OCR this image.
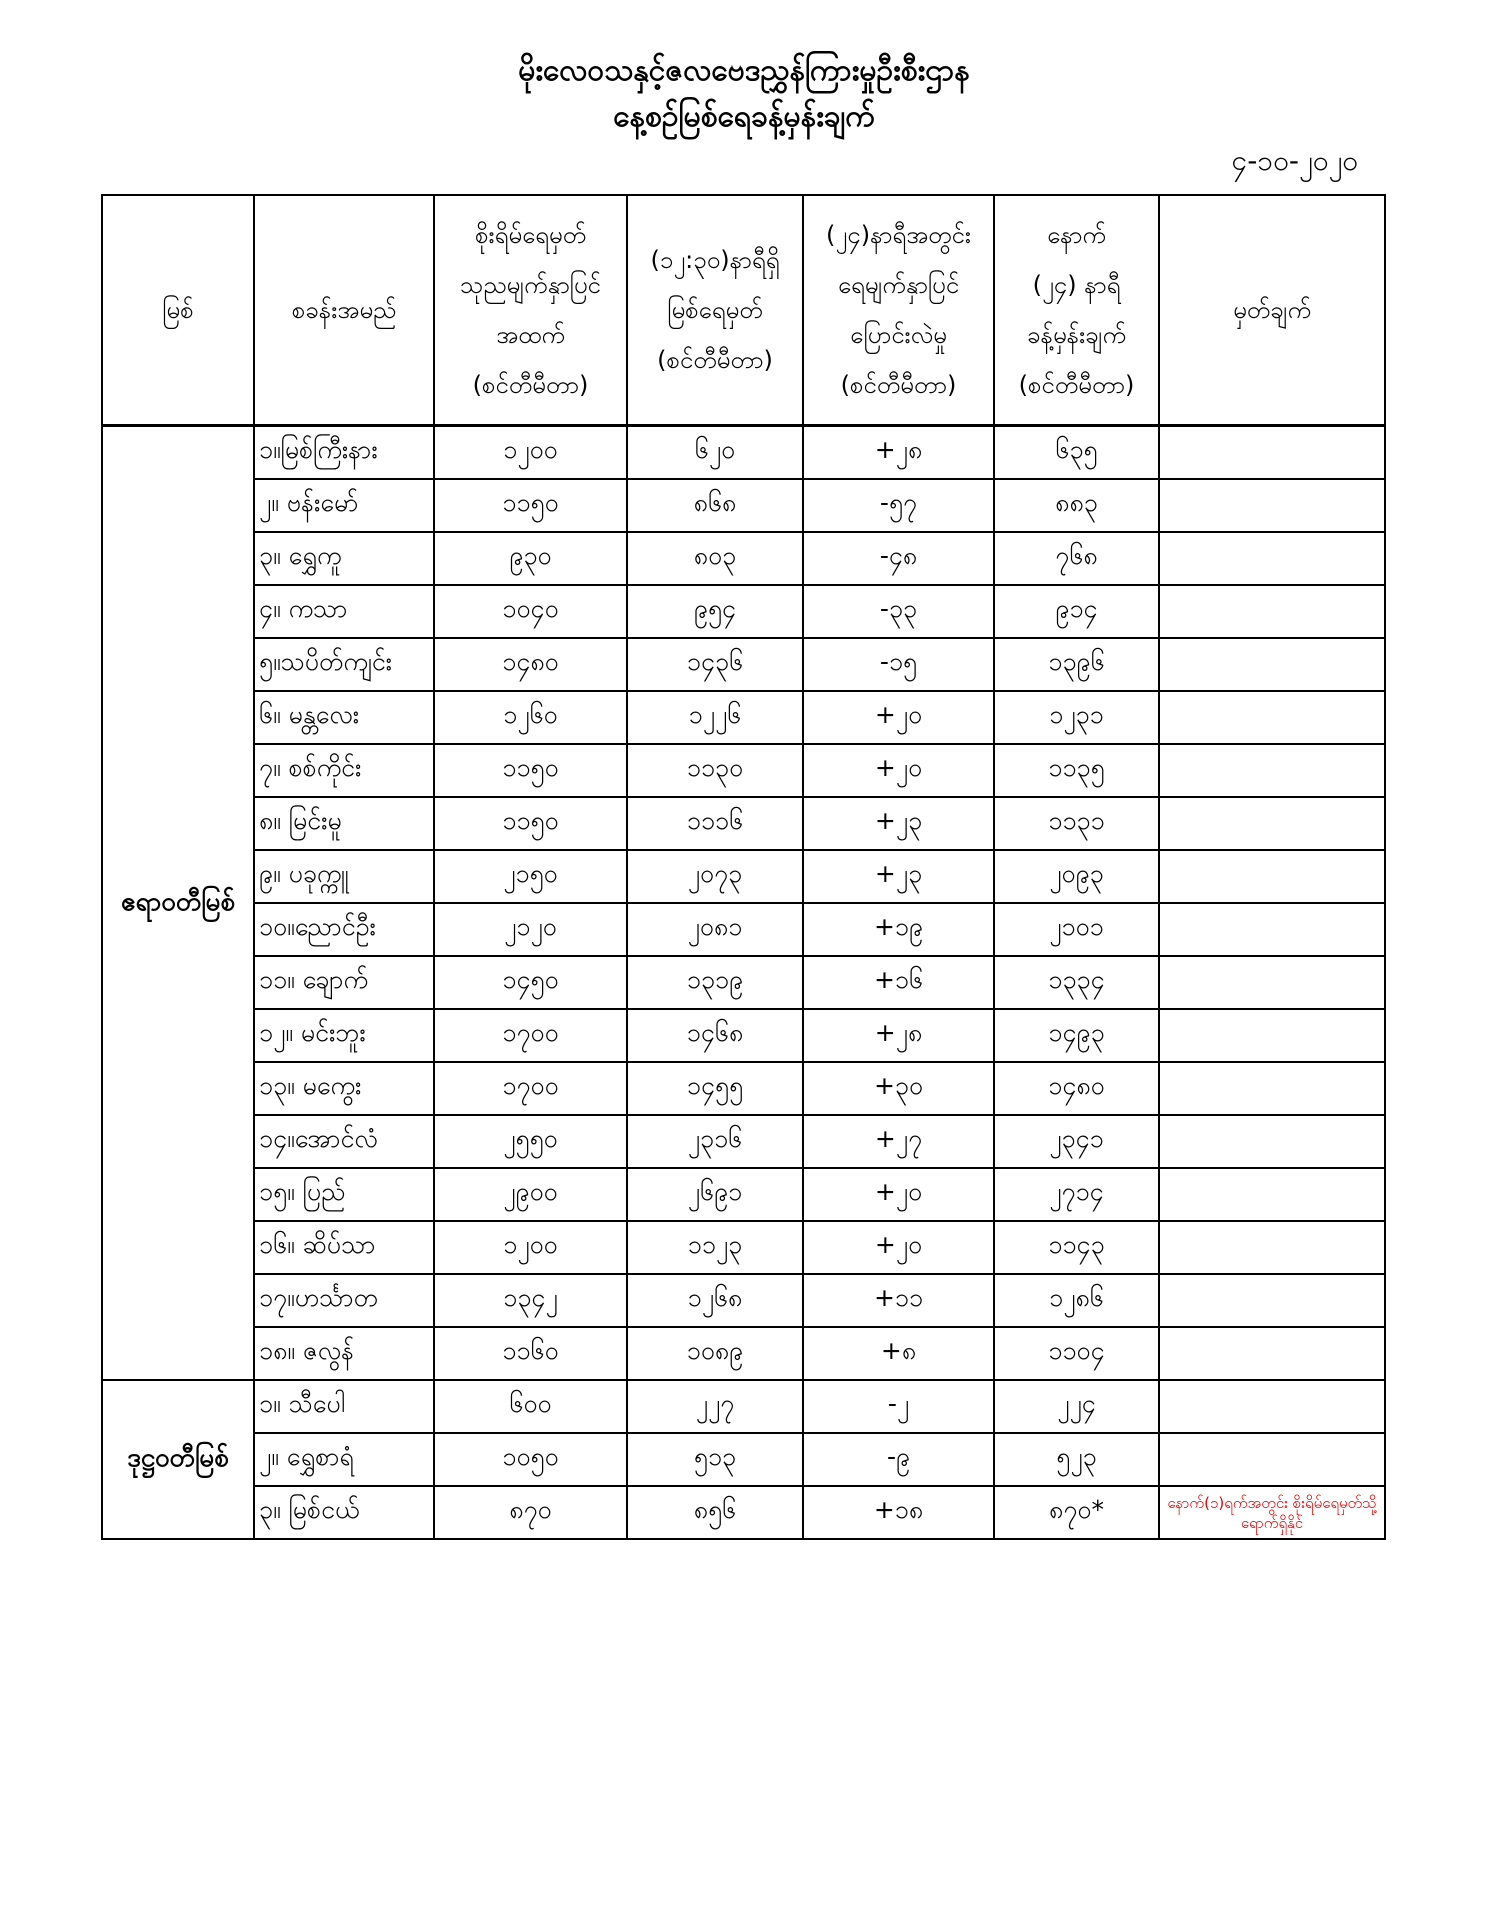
မိုးလေဝသနှင့်ဇလဗေဒညွှန်ကြားမှုဦးစီးဌာန
နေ့စဉ်မြစ်ရေခန့်မှန်းချက်
၄-၁၀-၂၀၂၀
မြစ်	စခန်းအမည်	စိုးရိမ်ရေမှတ်
သုညမျက်နှာပြင်
အထက်
(စင်တီမီတာ)	(၁၂:၃၀)နာရီရှိ
မြစ်ရေမှတ်
(စင်တီမီတာ)	(၂၄)နာရီအတွင်း
ရေမျက်နှာပြင်
ပြောင်းလဲမှု
(စင်တီမီတာ)	နောက်
(၂၄) နာရီ
ခန့်မှန်းချက်
(စင်တီမီတာ)	မှတ်ချက်
ဧရာဝတီမြစ်	၁။မြစ်ကြီးနား	၁၂၀၀	၆၂၀	+၂၈	၆၃၅	
	၂။ ဗန်းမော်	၁၁၅၀	၈၆၈	-၅၇	၈၈၃	
	၃။ ရွှေကူ	၉၃၀	၈၀၃	-၄၈	၇၆၈	
	၄။ ကသာ	၁၀၄၀	၉၅၄	-၃၃	၉၁၄	
	၅။သပိတ်ကျင်း	၁၄၈၀	၁၄၃၆	-၁၅	၁၃၉၆	
	၆။ မန္တလေး	၁၂၆၀	၁၂၂၆	+၂၀	၁၂၃၁	
	၇။ စစ်ကိုင်း	၁၁၅၀	၁၁၃၀	+၂၀	၁၁၃၅	
	၈။ မြင်းမူ	၁၁၅၀	၁၁၁၆	+၂၃	၁၁၃၁	
	၉။ ပခုက္ကူ	၂၁၅၀	၂၀၇၃	+၂၃	၂၀၉၃	
	၁၀။ညောင်ဦး	၂၁၂၀	၂၀၈၁	+၁၉	၂၁၀၁	
	၁၁။ ချောက်	၁၄၅၀	၁၃၁၉	+၁၆	၁၃၃၄	
	၁၂။ မင်းဘူး	၁၇၀၀	၁၄၆၈	+၂၈	၁၄၉၃	
	၁၃။ မကွေး	၁၇၀၀	၁၄၅၅	+၃၀	၁၄၈၀	
	၁၄။အောင်လံ	၂၅၅၀	၂၃၁၆	+၂၇	၂၃၄၁	
	၁၅။ ပြည်	၂၉၀၀	၂၆၉၁	+၂၀	၂၇၁၄	
	၁၆။ ဆိပ်သာ	၁၂၀၀	၁၁၂၃	+၂၀	၁၁၄၃	
	၁၇။ဟင်္သာတ	၁၃၄၂	၁၂၆၈	+၁၁	၁၂၈၆	
	၁၈။ ဇလွန်	၁၁၆၀	၁၀၈၉	+၈	၁၁၀၄	
ဒုဋ္ဌဝတီမြစ်	၁။ သီပေါ	၆၀၀	၂၂၇	-၂	၂၂၄	
	၂။ ရွှေစာရံ	၁၀၅၀	၅၁၃	-၉	၅၂၃	
	၃။ မြစ်ငယ်	၈၇၀	၈၅၆	+၁၈	၈၇၀*	နောက်(၁)ရက်အတွင်း စိုးရိမ်ရေမှတ်သို့ ရောက်ရှိနိုင်
